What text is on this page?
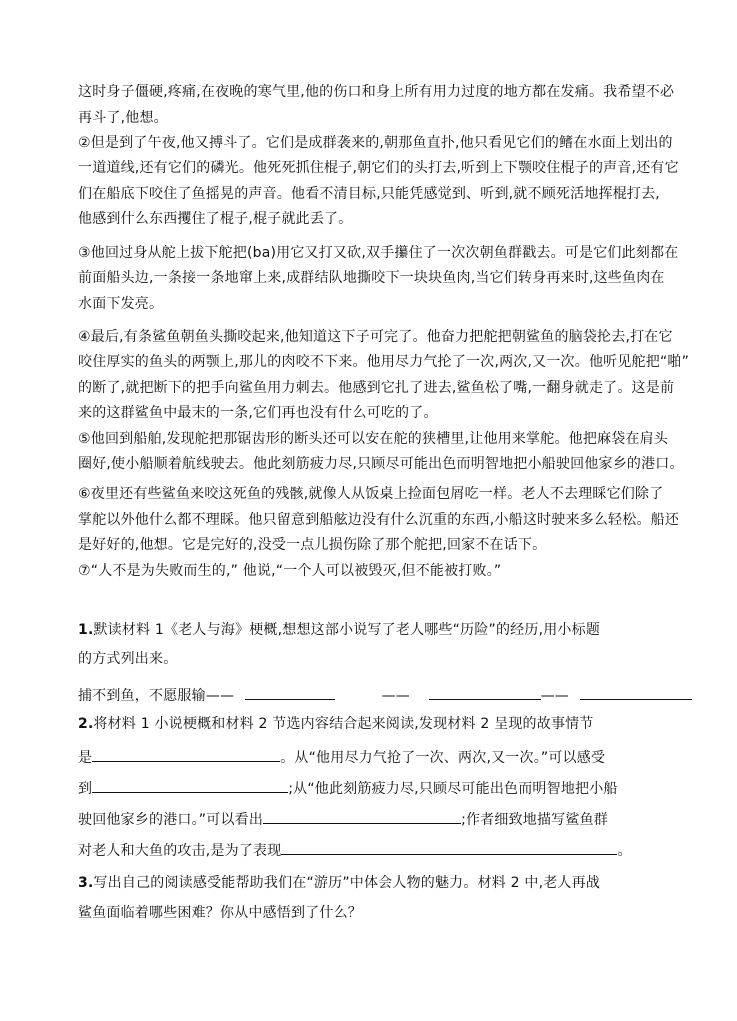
这时身子僵硬,疼痛,在夜晚的寒气里,他的伤口和身上所有用力过度的地方都在发痛。我希望不必
再斗了,他想。
②但是到了午夜,他又搏斗了。它们是成群袭来的,朝那鱼直扑,他只看见它们的鳍在水面上划出的
一道道线,还有它们的磷光。他死死抓住棍子,朝它们的头打去,听到上下颚咬住棍子的声音,还有它
们在船底下咬住了鱼摇晃的声音。他看不清目标,只能凭感觉到、听到,就不顾死活地挥棍打去,
他感到什么东西攫住了棍子,棍子就此丢了。
③他回过身从舵上拔下舵把(ba)用它又打又砍,双手攥住了一次次朝鱼群戳去。可是它们此刻都在
前面船头边,一条接一条地窜上来,成群结队地撕咬下一块块鱼肉,当它们转身再来时,这些鱼肉在
水面下发亮。
④最后,有条鲨鱼朝鱼头撕咬起来,他知道这下子可完了。他奋力把舵把朝鲨鱼的脑袋抡去,打在它
咬住厚实的鱼头的两颚上,那儿的肉咬不下来。他用尽力气抡了一次,两次,又一次。他听见舵把“啪”
的断了,就把断下的把手向鲨鱼用力刺去。他感到它扎了进去,鲨鱼松了嘴,一翻身就走了。这是前
来的这群鲨鱼中最末的一条,它们再也没有什么可吃的了。
⑤他回到船舶,发现舵把那锯齿形的断头还可以安在舵的狭槽里,让他用来掌舵。他把麻袋在肩头
圈好,使小船顺着航线驶去。他此刻筋疲力尽,只顾尽可能出色而明智地把小船驶回他家乡的港口。
⑥夜里还有些鲨鱼来咬这死鱼的残骸,就像人从饭桌上捡面包屑吃一样。老人不去理睬它们除了
掌舵以外他什么都不理睬。他只留意到船舷边没有什么沉重的东西,小船这时驶来多么轻松。船还
是好好的,他想。它是完好的,没受一点儿损伤除了那个舵把,回家不在话下。
⑦“人不是为失败而生的,” 他说,“一个人可以被毁灭,但不能被打败。”
1.默读材料 1《老人与海》梗概,想想这部小说写了老人哪些“历险”的经历,用小标题
的方式列出来。
捕不到鱼，不愿服输——	——	——
2.将材料 1 小说梗概和材料 2 节选内容结合起来阅读,发现材料 2 呈现的故事情节
是	。从“他用尽力气抢了一次、两次,又一次。”可以感受
到	;从“他此刻筋疲力尽,只顾尽可能出色而明智地把小船
驶回他家乡的港口。”可以看出	;作者细致地描写鲨鱼群
对老人和大鱼的攻击,是为了表现	。
3.写出自己的阅读感受能帮助我们在“游历”中体会人物的魅力。材料 2 中,老人再战
鲨鱼面临着哪些困难？你从中感悟到了什么？
